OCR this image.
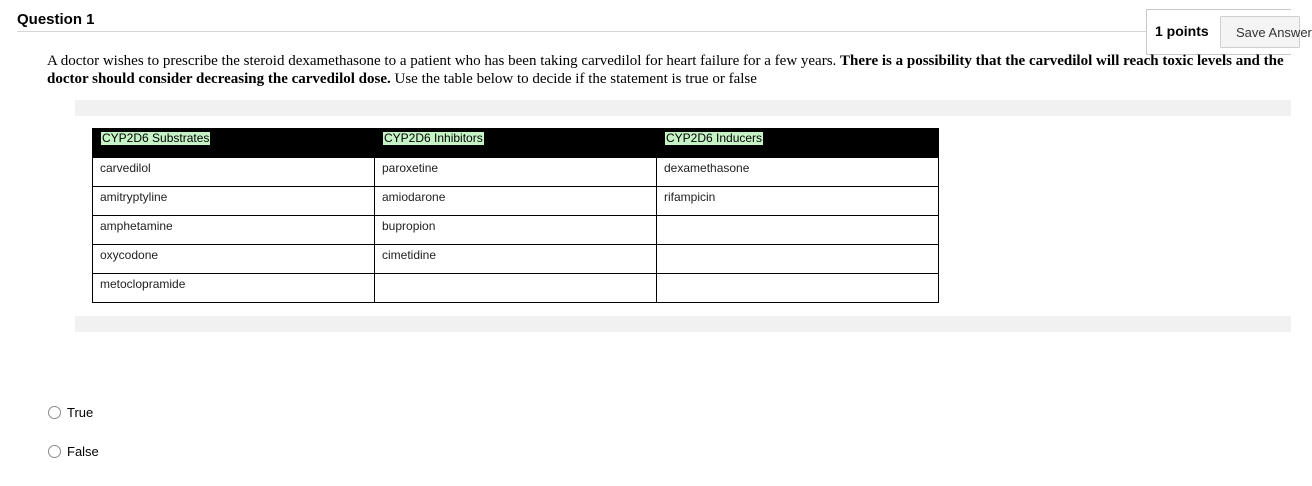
Question 1
1 points	Save Answer
A doctor wishes to prescribe the steroid dexamethasone to a patient who has been taking carvedilol for heart failure for a few years. There is a possibility that the carvedilol will reach toxic levels and the doctor should consider decreasing the carvedilol dose. Use the table below to decide if the statement is true or false
CYP2D6 Substrates	CYP2D6 Inhibitors	CYP2D6 Inducers
carvedilol	paroxetine	dexamethasone
amitryptyline	amiodarone	rifampicin
amphetamine	bupropion	
oxycodone	cimetidine	
metoclopramide		
True
False
